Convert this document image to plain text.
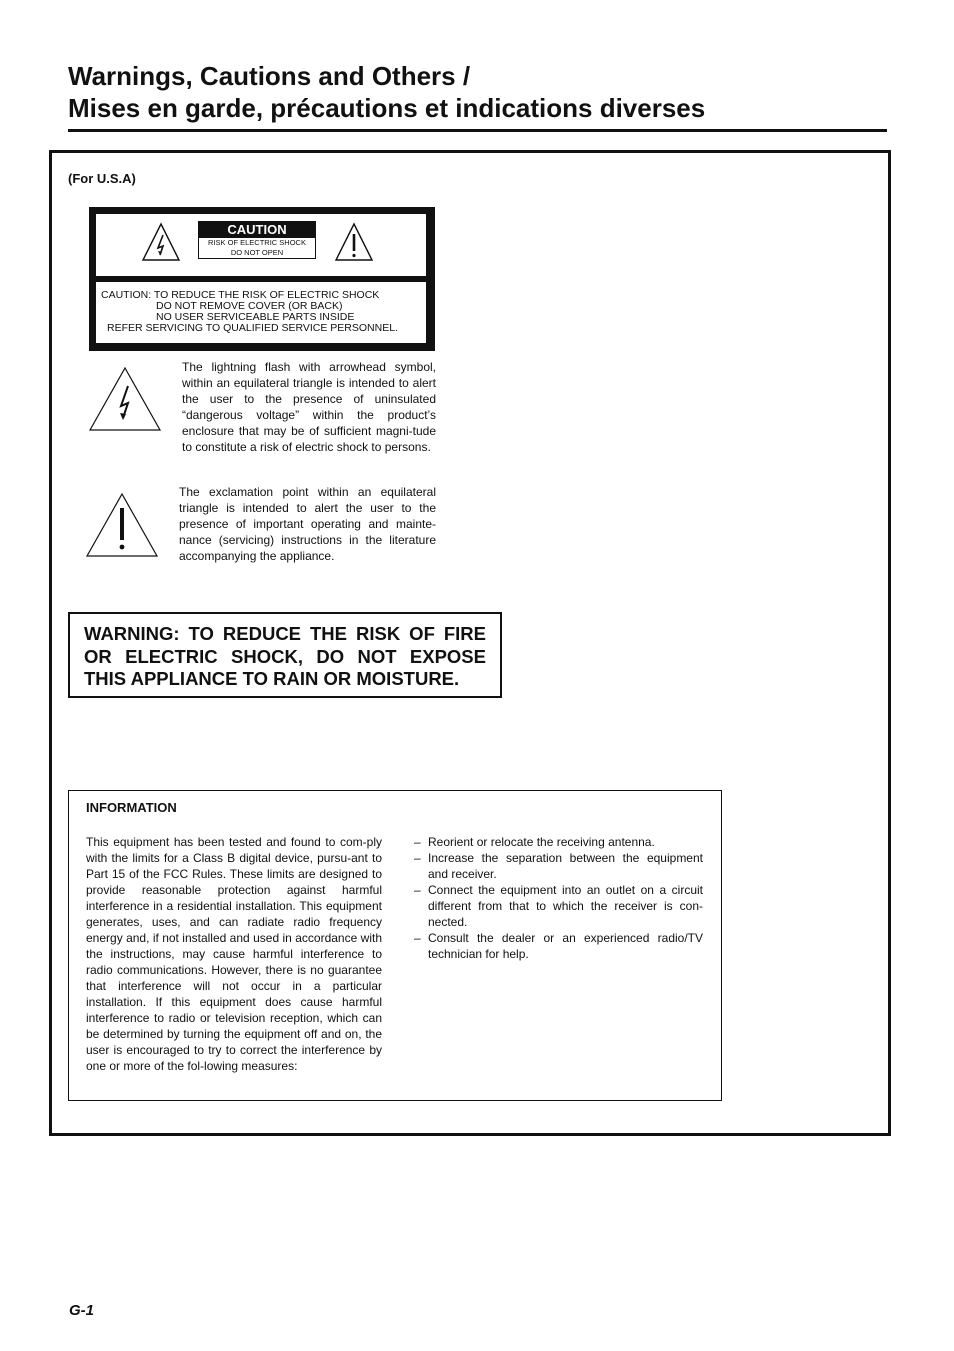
Warnings, Cautions and Others /
Mises en garde, précautions et indications diverses
(For U.S.A)
CAUTION
RISK OF ELECTRIC SHOCK
DO NOT OPEN
CAUTION: TO REDUCE THE RISK OF ELECTRIC SHOCK
DO NOT REMOVE COVER (OR BACK)
NO USER SERVICEABLE PARTS INSIDE
REFER SERVICING TO QUALIFIED SERVICE PERSONNEL.

The lightning flash with arrowhead symbol, within an equilateral triangle is intended to alert the user to the presence of uninsulated “dangerous voltage” within the product’s enclosure that may be of sufficient magni-tude to constitute a risk of electric shock to persons.

The exclamation point within an equilateral triangle is intended to alert the user to the presence of important operating and mainte-nance (servicing) instructions in the literature accompanying the appliance.

WARNING: TO REDUCE THE RISK OF FIRE OR ELECTRIC SHOCK, DO NOT EXPOSE THIS APPLIANCE TO RAIN OR MOISTURE.
INFORMATION

This equipment has been tested and found to com-ply with the limits for a Class B digital device, pursu-ant to Part 15 of the FCC Rules. These limits are designed to provide reasonable protection against harmful interference in a residential installation. This equipment generates, uses, and can radiate radio frequency energy and, if not installed and used in accordance with the instructions, may cause harmful interference to radio communications. However, there is no guarantee that interference will not occur in a particular installation. If this equipment does cause harmful interference to radio or television reception, which can be determined by turning the equipment off and on, the user is encouraged to try to correct the interference by one or more of the fol-lowing measures:

– Reorient or relocate the receiving antenna.
– Increase the separation between the equipment and receiver.
– Connect the equipment into an outlet on a circuit different from that to which the receiver is con-nected.
– Consult the dealer or an experienced radio/TV technician for help.
G-1
